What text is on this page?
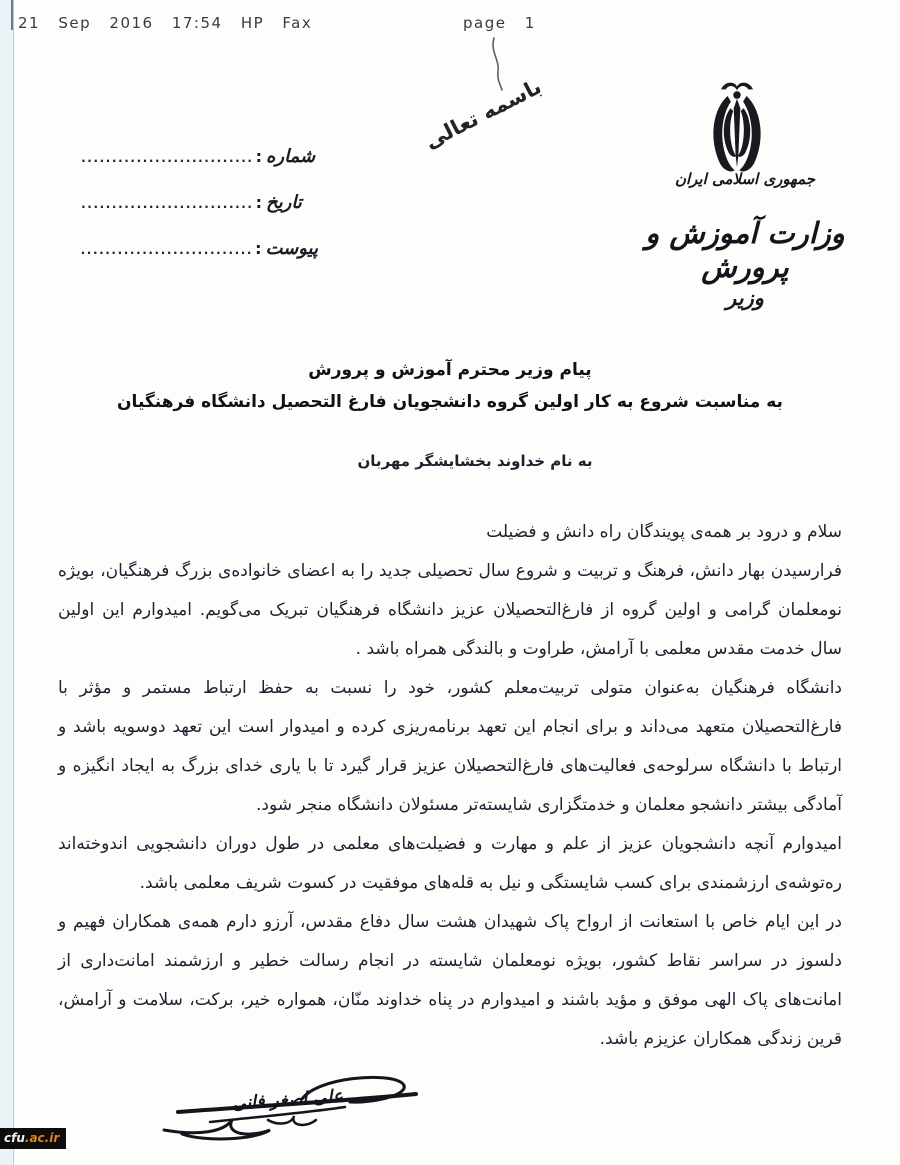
21 Sep 2016 17:54 HP Fax	page 1
باسمه تعالی
جمهوری اسلامی ایران
وزارت آموزش و پرورش
وزیر
شماره
:
............................
تاریخ
:
............................
پیوست
:
............................
پیام وزیر محترم آموزش و پرورش
به مناسبت شروع به کار اولین گروه دانشجویان فارغ التحصیل دانشگاه فرهنگیان
به نام خداوند بخشایشگر مهربان

سلام و درود بر همه‌ی پویندگان راه دانش و فضیلت

فرارسیدن بهار دانش، فرهنگ و تربیت و شروع سال تحصیلی جدید را به اعضای خانواده‌ی بزرگ فرهنگیان، بویژه نومعلمان گرامی و اولین گروه از فارغ‌التحصیلان عزیز دانشگاه فرهنگیان تبریک می‌گویم. امیدوارم این اولین سال خدمت مقدس معلمی با آرامش، طراوت و بالندگی همراه باشد .

دانشگاه فرهنگیان به‌عنوان متولی تربیت‌معلم کشور، خود را نسبت به حفظ ارتباط مستمر و مؤثر با فارغ‌التحصیلان متعهد می‌داند و برای انجام این تعهد برنامه‌ریزی کرده و امیدوار است این تعهد دوسویه باشد و ارتباط با دانشگاه سرلوحه‌ی فعالیت‌های فارغ‌التحصیلان عزیز قرار گیرد تا با یاری خدای بزرگ به ایجاد انگیزه و آمادگی بیشتر دانشجو معلمان و خدمتگزاری شایسته‌تر مسئولان دانشگاه منجر شود.

امیدوارم آنچه دانشجویان عزیز از علم و مهارت و فضیلت‌های معلمی در طول دوران دانشجویی اندوخته‌اند ره‌توشه‌ی ارزشمندی برای کسب شایستگی و نیل به قله‌های موفقیت در کسوت شریف معلمی باشد.

در این ایام خاص با استعانت از ارواح پاک شهیدان هشت سال دفاع مقدس، آرزو دارم همه‌ی همکاران فهیم و دلسوز در سراسر نقاط کشور، بویژه نومعلمان شایسته در انجام رسالت خطیر و ارزشمند امانت‌داری از امانت‌های پاک الهی موفق و مؤید باشند و امیدوارم در پناه خداوند منّان، همواره خیر، برکت، سلامت و آرامش، قرین زندگی همکاران عزیزم باشد.

علی اصغر فانی
cfu.ac.ir
